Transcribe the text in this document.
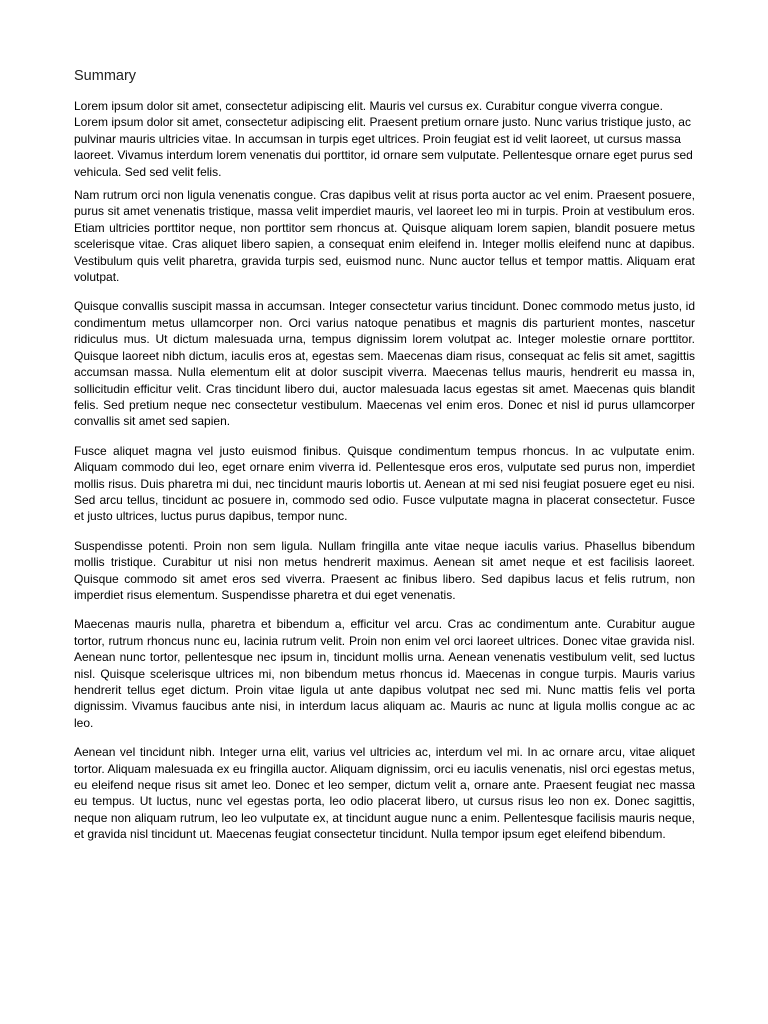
Summary

Lorem ipsum dolor sit amet, consectetur adipiscing elit. Mauris vel cursus ex. Curabitur congue viverra congue. Lorem ipsum dolor sit amet, consectetur adipiscing elit. Praesent pretium ornare justo. Nunc varius tristique justo, ac pulvinar mauris ultricies vitae. In accumsan in turpis eget ultrices. Proin feugiat est id velit laoreet, ut cursus massa laoreet. Vivamus interdum lorem venenatis dui porttitor, id ornare sem vulputate. Pellentesque ornare eget purus sed vehicula. Sed sed velit felis.

Nam rutrum orci non ligula venenatis congue. Cras dapibus velit at risus porta auctor ac vel enim. Praesent posuere, purus sit amet venenatis tristique, massa velit imperdiet mauris, vel laoreet leo mi in turpis. Proin at vestibulum eros. Etiam ultricies porttitor neque, non porttitor sem rhoncus at. Quisque aliquam lorem sapien, blandit posuere metus scelerisque vitae. Cras aliquet libero sapien, a consequat enim eleifend in. Integer mollis eleifend nunc at dapibus. Vestibulum quis velit pharetra, gravida turpis sed, euismod nunc. Nunc auctor tellus et tempor mattis. Aliquam erat volutpat.

Quisque convallis suscipit massa in accumsan. Integer consectetur varius tincidunt. Donec commodo metus justo, id condimentum metus ullamcorper non. Orci varius natoque penatibus et magnis dis parturient montes, nascetur ridiculus mus. Ut dictum malesuada urna, tempus dignissim lorem volutpat ac. Integer molestie ornare porttitor. Quisque laoreet nibh dictum, iaculis eros at, egestas sem. Maecenas diam risus, consequat ac felis sit amet, sagittis accumsan massa. Nulla elementum elit at dolor suscipit viverra. Maecenas tellus mauris, hendrerit eu massa in, sollicitudin efficitur velit. Cras tincidunt libero dui, auctor malesuada lacus egestas sit amet. Maecenas quis blandit felis. Sed pretium neque nec consectetur vestibulum. Maecenas vel enim eros. Donec et nisl id purus ullamcorper convallis sit amet sed sapien.

Fusce aliquet magna vel justo euismod finibus. Quisque condimentum tempus rhoncus. In ac vulputate enim. Aliquam commodo dui leo, eget ornare enim viverra id. Pellentesque eros eros, vulputate sed purus non, imperdiet mollis risus. Duis pharetra mi dui, nec tincidunt mauris lobortis ut. Aenean at mi sed nisi feugiat posuere eget eu nisi. Sed arcu tellus, tincidunt ac posuere in, commodo sed odio. Fusce vulputate magna in placerat consectetur. Fusce et justo ultrices, luctus purus dapibus, tempor nunc.

Suspendisse potenti. Proin non sem ligula. Nullam fringilla ante vitae neque iaculis varius. Phasellus bibendum mollis tristique. Curabitur ut nisi non metus hendrerit maximus. Aenean sit amet neque et est facilisis laoreet. Quisque commodo sit amet eros sed viverra. Praesent ac finibus libero. Sed dapibus lacus et felis rutrum, non imperdiet risus elementum. Suspendisse pharetra et dui eget venenatis.

Maecenas mauris nulla, pharetra et bibendum a, efficitur vel arcu. Cras ac condimentum ante. Curabitur augue tortor, rutrum rhoncus nunc eu, lacinia rutrum velit. Proin non enim vel orci laoreet ultrices. Donec vitae gravida nisl. Aenean nunc tortor, pellentesque nec ipsum in, tincidunt mollis urna. Aenean venenatis vestibulum velit, sed luctus nisl. Quisque scelerisque ultrices mi, non bibendum metus rhoncus id. Maecenas in congue turpis. Mauris varius hendrerit tellus eget dictum. Proin vitae ligula ut ante dapibus volutpat nec sed mi. Nunc mattis felis vel porta dignissim. Vivamus faucibus ante nisi, in interdum lacus aliquam ac. Mauris ac nunc at ligula mollis congue ac ac leo.

Aenean vel tincidunt nibh. Integer urna elit, varius vel ultricies ac, interdum vel mi. In ac ornare arcu, vitae aliquet tortor. Aliquam malesuada ex eu fringilla auctor. Aliquam dignissim, orci eu iaculis venenatis, nisl orci egestas metus, eu eleifend neque risus sit amet leo. Donec et leo semper, dictum velit a, ornare ante. Praesent feugiat nec massa eu tempus. Ut luctus, nunc vel egestas porta, leo odio placerat libero, ut cursus risus leo non ex. Donec sagittis, neque non aliquam rutrum, leo leo vulputate ex, at tincidunt augue nunc a enim. Pellentesque facilisis mauris neque, et gravida nisl tincidunt ut. Maecenas feugiat consectetur tincidunt. Nulla tempor ipsum eget eleifend bibendum.
